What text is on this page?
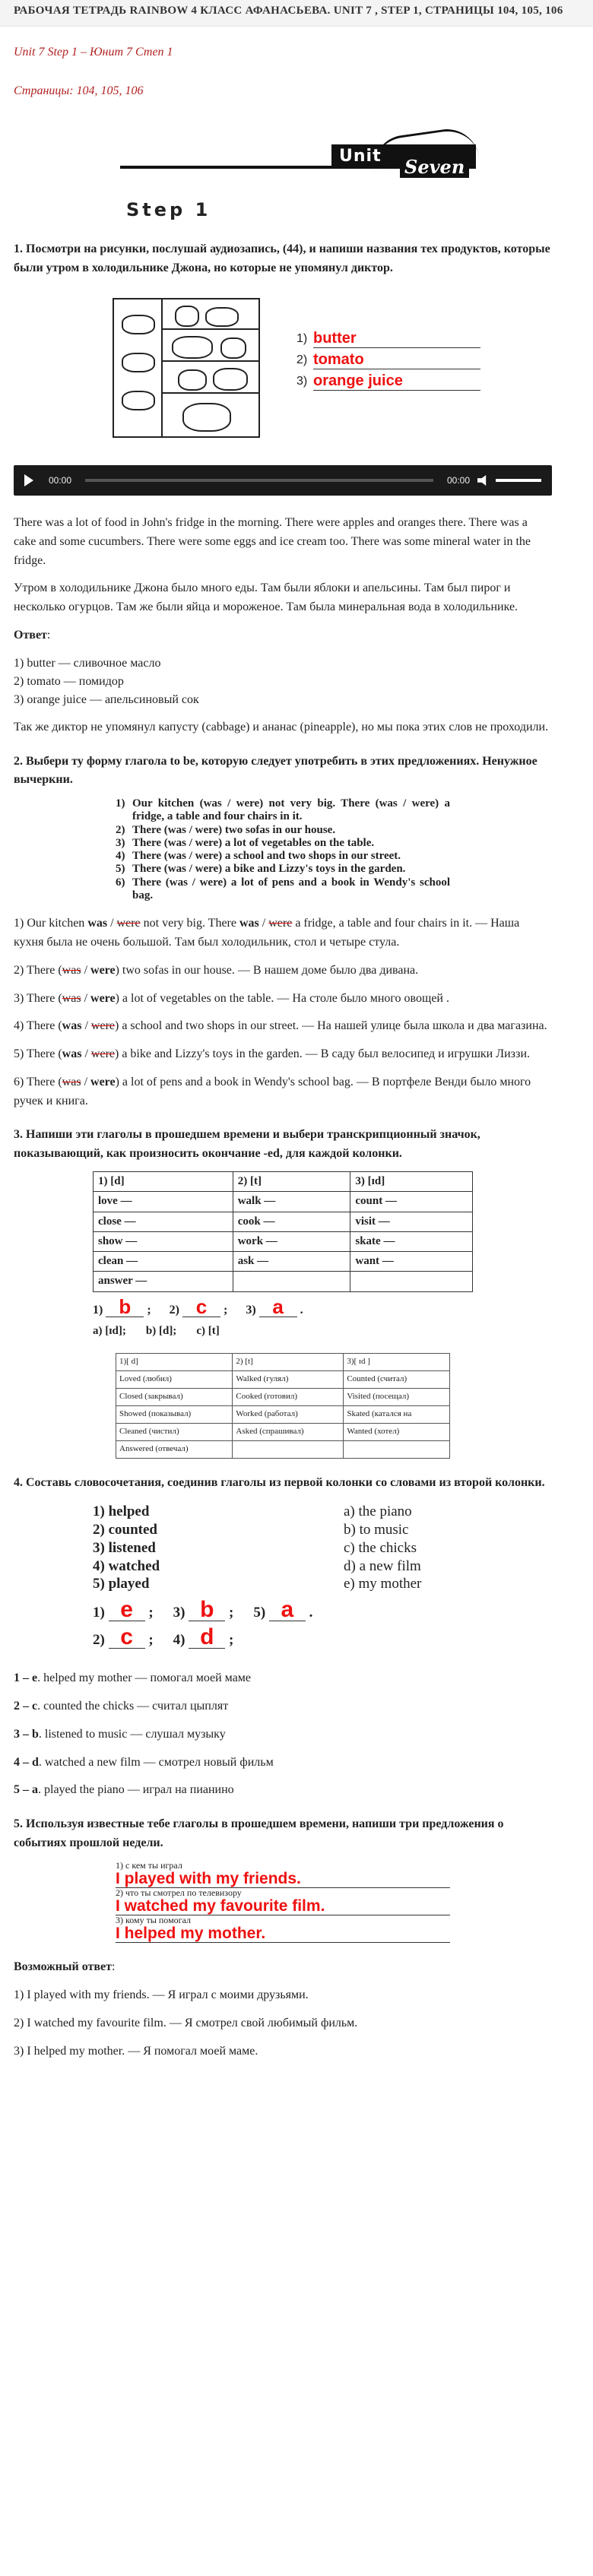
РАБОЧАЯ ТЕТРАДЬ RAINBOW 4 КЛАСС АФАНАСЬЕВА. UNIT 7 , STEP 1, СТРАНИЦЫ 104, 105, 106

Unit 7 Step 1 – Юнит 7 Степ 1

Страницы: 104, 105, 106

Unit	Seven
Step 1

1. Посмотри на рисунки, послушай аудиозапись, (44), и напиши названия тех продуктов, которые были утром в холодильнике Джона, но которые не упомянул диктор.

1) butter
2) tomato
3) orange juice
00:00	00:00

There was a lot of food in John's fridge in the morning. There were apples and oranges there. There was a cake and some cucumbers. There were some eggs and ice cream too. There was some mineral water in the fridge.

Утром в холодильнике Джона было много еды. Там были яблоки и апельсины. Там был пирог и несколько огурцов. Там же были яйца и мороженое. Там была минеральная вода в холодильнике.

Ответ:

1) butter — сливочное масло
2) tomato — помидор
3) orange juice — апельсиновый сок

Так же диктор не упомянул капусту (cabbage) и ананас (pineapple), но мы пока этих слов не проходили.

2. Выбери ту форму глагола to be, которую следует употребить в этих предложениях. Ненужное вычеркни.

1) Our kitchen (was / were) not very big. There (was / were) a fridge, a table and four chairs in it.
2) There (was / were) two sofas in our house.
3) There (was / were) a lot of vegetables on the table.
4) There (was / were) a school and two shops in our street.
5) There (was / were) a bike and Lizzy's toys in the garden.
6) There (was / were) a lot of pens and a book in Wendy's school bag.

1) Our kitchen was / were not very big. There was / were a fridge, a table and four chairs in it. — Наша кухня была не очень большой. Там был холодильник, стол и четыре стула.

2) There (was / were) two sofas in our house. — В нашем доме было два дивана.

3) There (was / were) a lot of vegetables on the table. — На столе было много овощей .

4) There (was / were) a school and two shops in our street. — На нашей улице была школа и два магазина.

5) There (was / were) a bike and Lizzy's toys in the garden. — В саду был велосипед и игрушки Лиззи.

6) There (was / were) a lot of pens and a book in Wendy's school bag. — В портфеле Венди было много ручек и книга.

3. Напиши эти глаголы в прошедшем времени и выбери транскрипционный значок, показывающий, как произносить окончание -ed, для каждой колонки.

1) [d]	2) [t]	3) [ɪd]
love —	walk —	count —
close —	cook —	visit —
show —	work —	skate —
clean —	ask —	want —
answer —		
1) b ; 2) c ; 3) a .
a) [ɪd]; b) [d]; c) [t]
1)[ d]	2) [t]	3)[ ɪd ]
Loved (любил)	Walked (гулял)	Counted (считал)
Closed (закрывал)	Cooked (готовил)	Visited (посещал)
Showed (показывал)	Worked (работал)	Skated (катался на
Cleaned (чистил)	Asked (спрашивал)	Wanted (хотел)
Answered (отвечал)		

4. Составь словосочетания, соединив глаголы из первой колонки со словами из второй колонки.

1) helped
2) counted
3) listened
4) watched
5) played
a) the piano
b) to music
c) the chicks
d) a new film
e) my mother
1) e ; 3) b ; 5) a .
2) c ; 4) d ;

1 – e. helped my mother — помогал моей маме

2 – c. counted the chicks — считал цыплят

3 – b. listened to music — слушал музыку

4 – d. watched a new film — смотрел новый фильм

5 – a. played the piano — играл на пианино

5. Используя известные тебе глаголы в прошедшем времени, напиши три предложения о событиях прошлой недели.

1) с кем ты играл
I played with my friends.
2) что ты смотрел по телевизору
I watched my favourite film.
3) кому ты помогал
I helped my mother.

Возможный ответ:

1) I played with my friends. — Я играл с моими друзьями.

2) I watched my favourite film. — Я смотрел свой любимый фильм.

3) I helped my mother. — Я помогал моей маме.
